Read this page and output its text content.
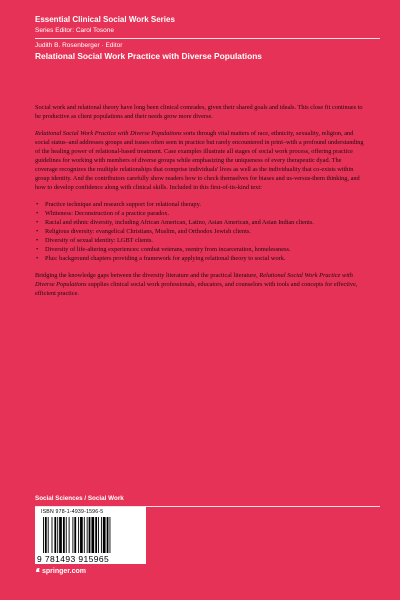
Essential Clinical Social Work Series

Series Editor: Carol Tosone

Judith B. Rosenberger · Editor

Relational Social Work Practice with Diverse Populations

Social work and relational theory have long been clinical comrades, given their shared goals and ideals. This close fit continues to be productive as client populations and their needs grow more diverse.

Relational Social Work Practice with Diverse Populations sorts through vital matters of race, ethnicity, sexuality, religion, and social status–and addresses groups and issues often seen in practice but rarely encountered in print–with a profound understanding of the healing power of relational-based treatment. Case examples illustrate all stages of social work process, offering practice guidelines for working with members of diverse groups while emphasizing the uniqueness of every therapeutic dyad. The coverage recognizes the multiple relationships that comprise individuals' lives as well as the individuality that co-exists within group identity. And the contributors carefully show readers how to check themselves for biases and us-versus-them thinking, and how to develop confidence along with clinical skills. Included in this first-of-its-kind text:

• Practice technique and research support for relational therapy.
• Whiteness: Deconstruction of a practice paradox.
• Racial and ethnic diversity, including African American, Latino, Asian American, and Asian Indian clients.
• Religious diversity: evangelical Christians, Muslim, and Orthodox Jewish clients.
• Diversity of sexual identity: LGBT clients.
• Diversity of life-altering experiences: combat veterans, reentry from incarceration, homelessness.
• Plus: background chapters providing a framework for applying relational theory to social work.

Bridging the knowledge gaps between the diversity literature and the practical literature, Relational Social Work Practice with Diverse Populations supplies clinical social work professionals, educators, and counselors with tools and concepts for effective, efficient practice.

Social Sciences / Social Work

ISBN 978-1-4939-1596-5
9 781493 915965
springer.com
